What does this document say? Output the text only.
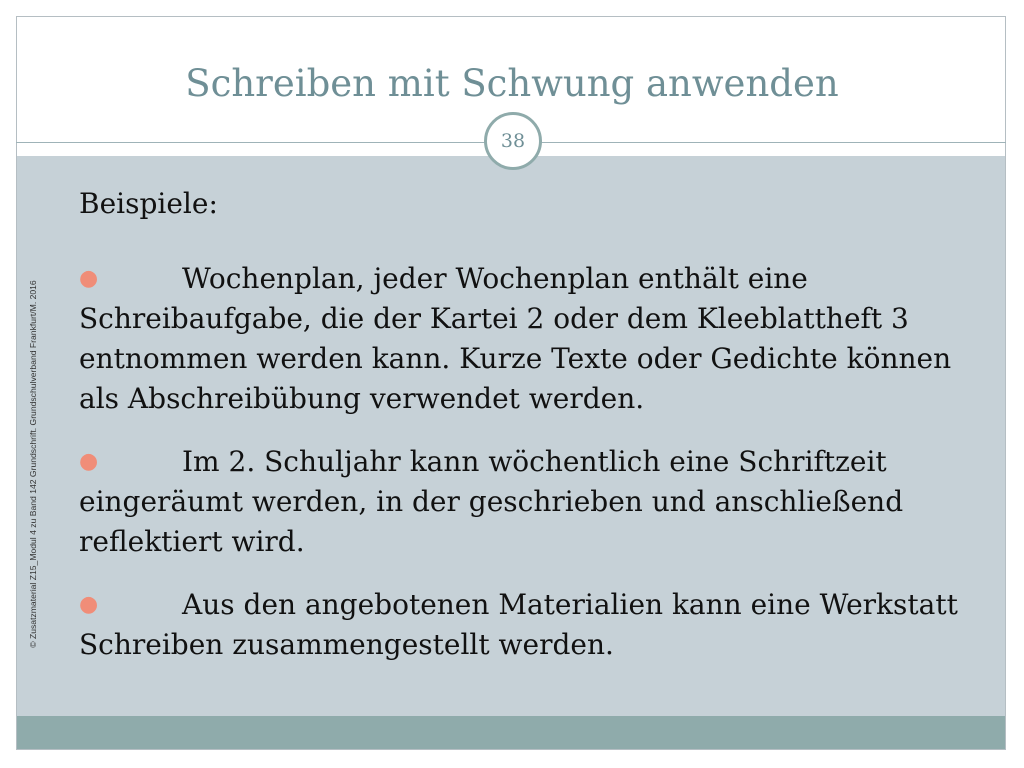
Schreiben mit Schwung anwenden
38
© Zusatzmaterial Z15_Modul 4 zu Band 142 Grundschrift. Grundschulverband Frankfurt/M. 2016

Beispiele:

●	Wochenplan, jeder Wochenplan enthält eine Schreibaufgabe, die der Kartei 2 oder dem Kleeblattheft 3 entnommen werden kann. Kurze Texte oder Gedichte können als Abschreibübung verwendet werden.

●	Im 2. Schuljahr kann wöchentlich eine Schriftzeit eingeräumt werden, in der geschrieben und anschließend reflektiert wird.

●	Aus den angebotenen Materialien kann eine Werkstatt Schreiben zusammengestellt werden.
